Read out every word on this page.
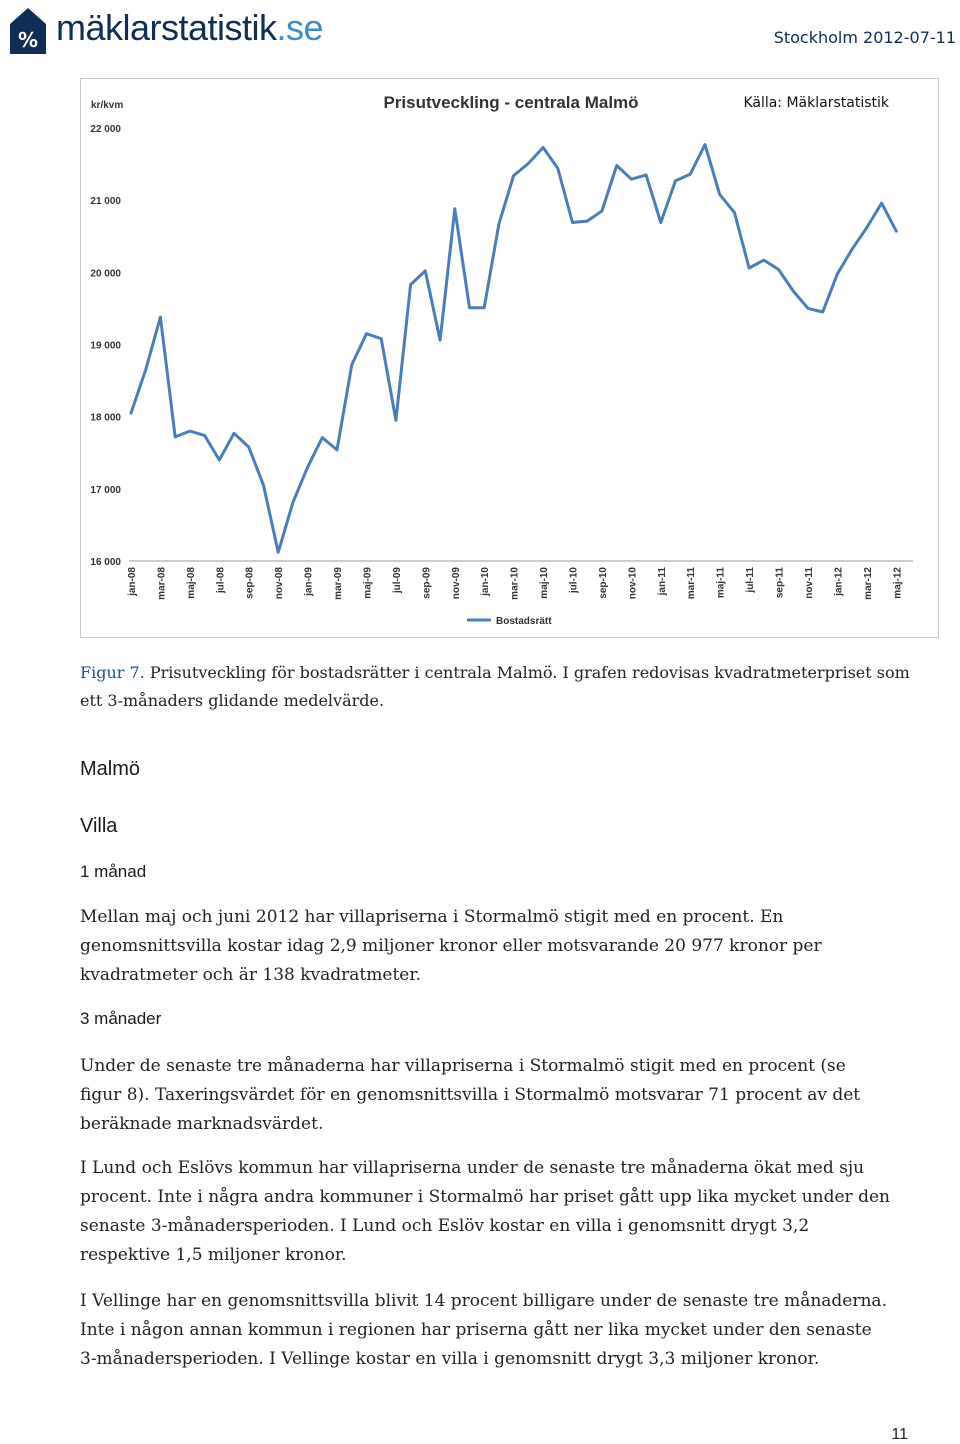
% mäklarstatistik.se	Stockholm 2012-07-11
Prisutveckling - centrala Malmö	Källa: Mäklarstatistik
kr/kvm
16 000
17 000
18 000
19 000
20 000
21 000
22 000
jan-08 mar-08 maj-08 jul-08 sep-08 nov-08 jan-09 mar-09 maj-09 jul-09 sep-09 nov-09 jan-10 mar-10 maj-10 jul-10 sep-10 nov-10 jan-11 mar-11 maj-11 jul-11 sep-11 nov-11 jan-12 mar-12 maj-12
Bostadsrätt
Figur 7. Prisutveckling för bostadsrätter i centrala Malmö. I grafen redovisas kvadratmeterpriset som ett 3-månaders glidande medelvärde.
Malmö
Villa
1 månad
Mellan maj och juni 2012 har villapriserna i Stormalmö stigit med en procent. En genomsnittsvilla kostar idag 2,9 miljoner kronor eller motsvarande 20 977 kronor per kvadratmeter och är 138 kvadratmeter.
3 månader
Under de senaste tre månaderna har villapriserna i Stormalmö stigit med en procent (se figur 8). Taxeringsvärdet för en genomsnittsvilla i Stormalmö motsvarar 71 procent av det beräknade marknadsvärdet.
I Lund och Eslövs kommun har villapriserna under de senaste tre månaderna ökat med sju procent. Inte i några andra kommuner i Stormalmö har priset gått upp lika mycket under den senaste 3-månadersperioden. I Lund och Eslöv kostar en villa i genomsnitt drygt 3,2 respektive 1,5 miljoner kronor.
I Vellinge har en genomsnittsvilla blivit 14 procent billigare under de senaste tre månaderna. Inte i någon annan kommun i regionen har priserna gått ner lika mycket under den senaste 3-månadersperioden. I Vellinge kostar en villa i genomsnitt drygt 3,3 miljoner kronor.
11
